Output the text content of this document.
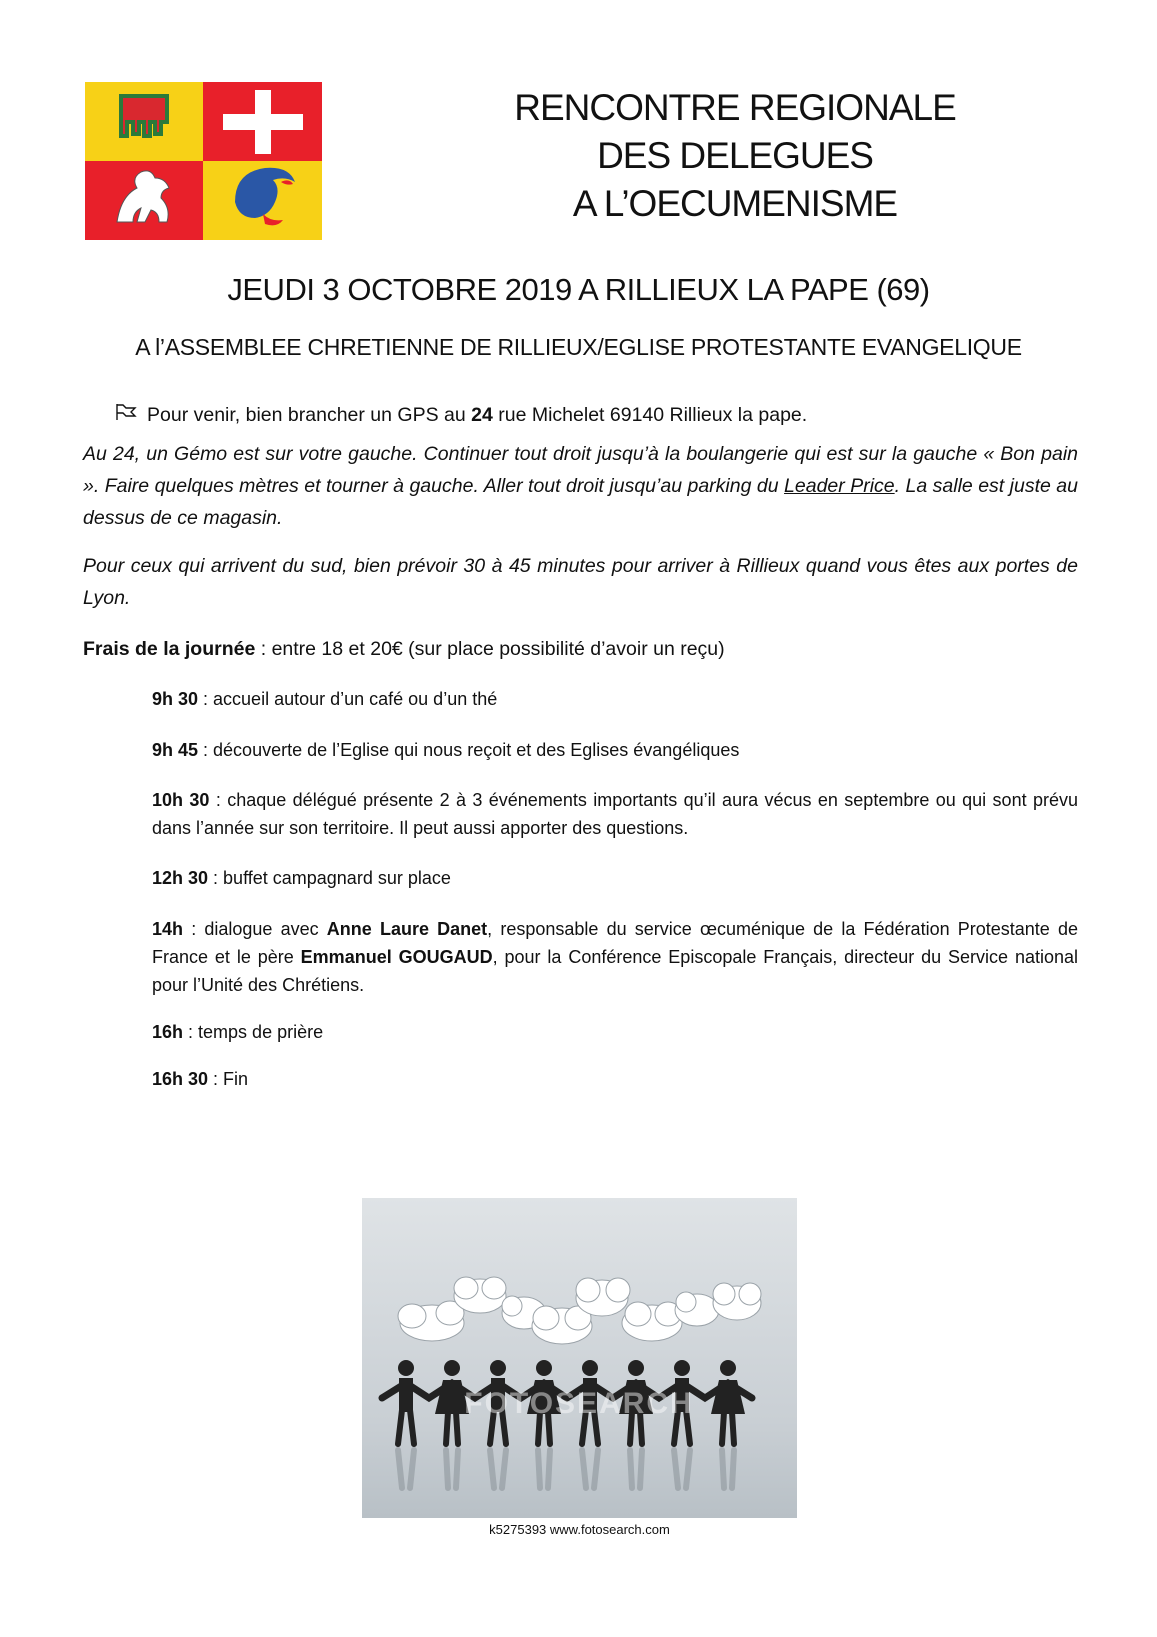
RENCONTRE REGIONALE
DES DELEGUES
A L’OECUMENISME
JEUDI 3 OCTOBRE 2019 A RILLIEUX LA PAPE (69)
A l’ASSEMBLEE CHRETIENNE DE RILLIEUX/EGLISE PROTESTANTE EVANGELIQUE
Pour venir, bien brancher un GPS au 24 rue Michelet 69140 Rillieux la pape.
Au 24, un Gémo est sur votre gauche. Continuer tout droit jusqu’à la boulangerie qui est sur la gauche « Bon pain ». Faire quelques mètres et tourner à gauche. Aller tout droit jusqu’au parking du Leader Price. La salle est juste au dessus de ce magasin.
Pour ceux qui arrivent du sud, bien prévoir 30 à 45 minutes pour arriver à Rillieux quand vous êtes aux portes de Lyon.
Frais de la journée : entre 18 et 20€ (sur place possibilité d’avoir un reçu)
9h 30 : accueil autour d’un café ou d’un thé
9h 45 : découverte de l’Eglise qui nous reçoit et des Eglises évangéliques
10h 30 : chaque délégué présente 2 à 3 événements importants qu’il aura vécus en septembre ou qui sont prévu dans l’année sur son territoire. Il peut aussi apporter des questions.
12h 30 : buffet campagnard sur place
14h : dialogue avec Anne Laure Danet, responsable du service œcuménique de la Fédération Protestante de France et le père Emmanuel GOUGAUD, pour la Conférence Episcopale Français, directeur du Service national pour l’Unité des Chrétiens.
16h : temps de prière
16h 30 : Fin
FOTOSEARCH
k5275393 www.fotosearch.com
